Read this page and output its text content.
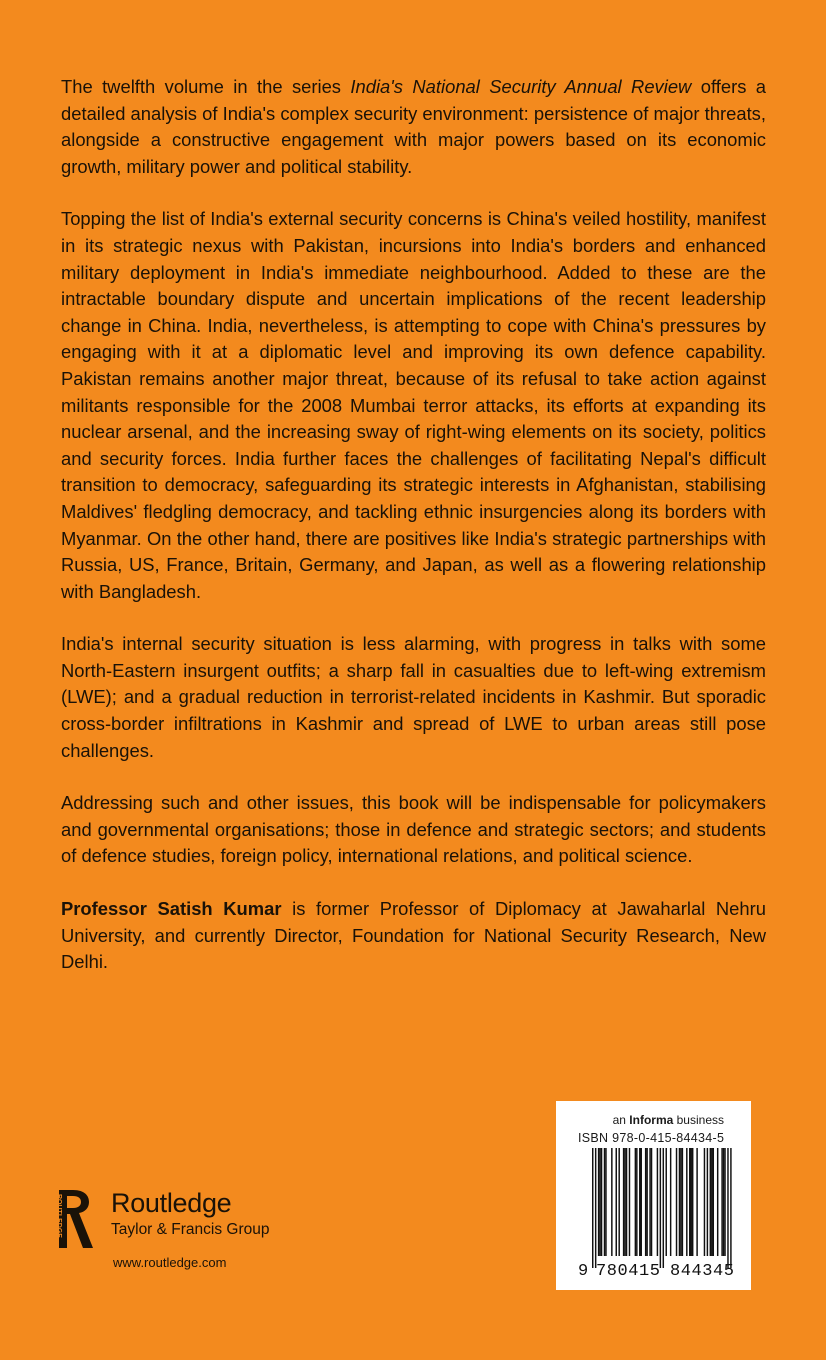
The twelfth volume in the series India's National Security Annual Review offers a detailed analysis of India's complex security environment: persistence of major threats, alongside a constructive engagement with major powers based on its economic growth, military power and political stability.

Topping the list of India's external security concerns is China's veiled hostility, manifest in its strategic nexus with Pakistan, incursions into India's borders and enhanced military deployment in India's immediate neighbourhood. Added to these are the intractable boundary dispute and uncertain implications of the recent leadership change in China. India, nevertheless, is attempting to cope with China's pressures by engaging with it at a diplomatic level and improving its own defence capability. Pakistan remains another major threat, because of its refusal to take action against militants responsible for the 2008 Mumbai terror attacks, its efforts at expanding its nuclear arsenal, and the increasing sway of right-wing elements on its society, politics and security forces. India further faces the challenges of facilitating Nepal's difficult transition to democracy, safeguarding its strategic interests in Afghanistan, stabilising Maldives' fledgling democracy, and tackling ethnic insurgencies along its borders with Myanmar. On the other hand, there are positives like India's strategic partnerships with Russia, US, France, Britain, Germany, and Japan, as well as a flowering relationship with Bangladesh.

India's internal security situation is less alarming, with progress in talks with some North-Eastern insurgent outfits; a sharp fall in casualties due to left-wing extremism (LWE); and a gradual reduction in terrorist-related incidents in Kashmir. But sporadic cross-border infiltrations in Kashmir and spread of LWE to urban areas still pose challenges.

Addressing such and other issues, this book will be indispensable for policymakers and governmental organisations; those in defence and strategic sectors; and students of defence studies, foreign policy, international relations, and political science.

Professor Satish Kumar is former Professor of Diplomacy at Jawaharlal Nehru University, and currently Director, Foundation for National Security Research, New Delhi.

ROUTLEDGE Routledge
Taylor & Francis Group
www.routledge.com
an Informa business
ISBN 978-0-415-84434-5
9 780415 844345
